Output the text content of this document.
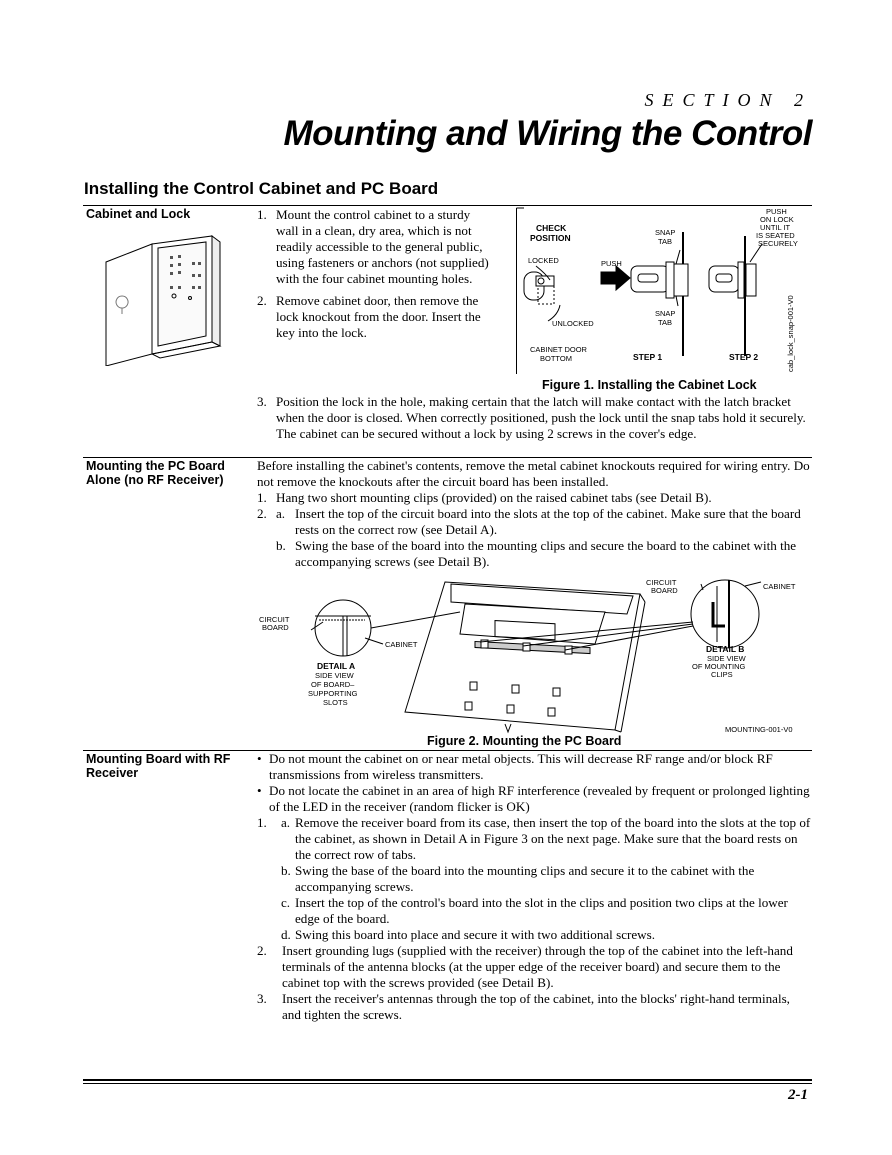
SECTION 2
Mounting and Wiring the Control
Installing the Control Cabinet and PC Board
Cabinet and Lock	1. Mount the control cabinet to a sturdy wall in a clean, dry area, which is not readily accessible to the general public, using fasteners or anchors (not supplied) with the four cabinet mounting holes.
2. Remove cabinet door, then remove the lock knockout from the door. Insert the key into the lock.
CHECK
POSITION
LOCKED
UNLOCKED
CABINET DOOR
BOTTOM
PUSH
SNAP
TAB
SNAP
TAB
STEP 1	STEP 2
PUSH
ON LOCK
UNTIL IT
IS SEATED
SECURELY
cab_lock_snap-001-V0
Figure 1. Installing the Cabinet Lock
3. Position the lock in the hole, making certain that the latch will make contact with the latch bracket when the door is closed. When correctly positioned, push the lock until the snap tabs hold it securely.
The cabinet can be secured without a lock by using 2 screws in the cover's edge.
Mounting the PC Board Alone (no RF Receiver)
Before installing the cabinet's contents, remove the metal cabinet knockouts required for wiring entry. Do not remove the knockouts after the circuit board has been installed.
1. Hang two short mounting clips (provided) on the raised cabinet tabs (see Detail B).
2. a. Insert the top of the circuit board into the slots at the top of the cabinet. Make sure that the board rests on the correct row (see Detail A).
b. Swing the base of the board into the mounting clips and secure the board to the cabinet with the accompanying screws (see Detail B).
CIRCUIT
BOARD
CABINET
DETAIL A
SIDE VIEW
OF BOARD–
SUPPORTING
SLOTS
CIRCUIT
BOARD	CABINET
DETAIL B
SIDE VIEW
OF MOUNTING
CLIPS
MOUNTING-001-V0
Figure 2. Mounting the PC Board
Mounting Board with RF Receiver
• Do not mount the cabinet on or near metal objects. This will decrease RF range and/or block RF transmissions from wireless transmitters.
• Do not locate the cabinet in an area of high RF interference (revealed by frequent or prolonged lighting of the LED in the receiver (random flicker is OK)
1. a. Remove the receiver board from its case, then insert the top of the board into the slots at the top of the cabinet, as shown in Detail A in Figure 3 on the next page. Make sure that the board rests on the correct row of tabs.
b. Swing the base of the board into the mounting clips and secure it to the cabinet with the accompanying screws.
c. Insert the top of the control's board into the slot in the clips and position two clips at the lower edge of the board.
d. Swing this board into place and secure it with two additional screws.
2. Insert grounding lugs (supplied with the receiver) through the top of the cabinet into the left-hand terminals of the antenna blocks (at the upper edge of the receiver board) and secure them to the cabinet top with the screws provided (see Detail B).
3. Insert the receiver's antennas through the top of the cabinet, into the blocks' right-hand terminals, and tighten the screws.
2-1
